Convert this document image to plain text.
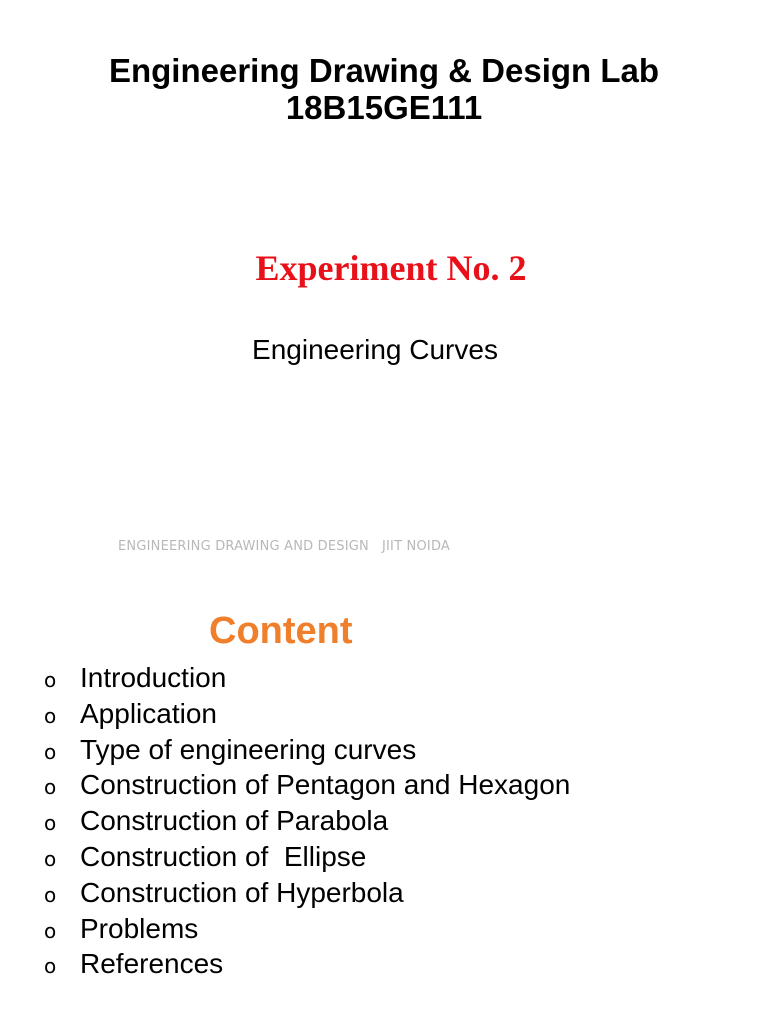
Engineering Drawing & Design Lab
18B15GE111
Experiment No. 2

Engineering Curves

ENGINEERING DRAWING AND DESIGN   JIIT NOIDA
Content
o Introduction
o Application
o Type of engineering curves
o Construction of Pentagon and Hexagon
o Construction of Parabola
o Construction of  Ellipse
o Construction of Hyperbola
o Problems
o References
